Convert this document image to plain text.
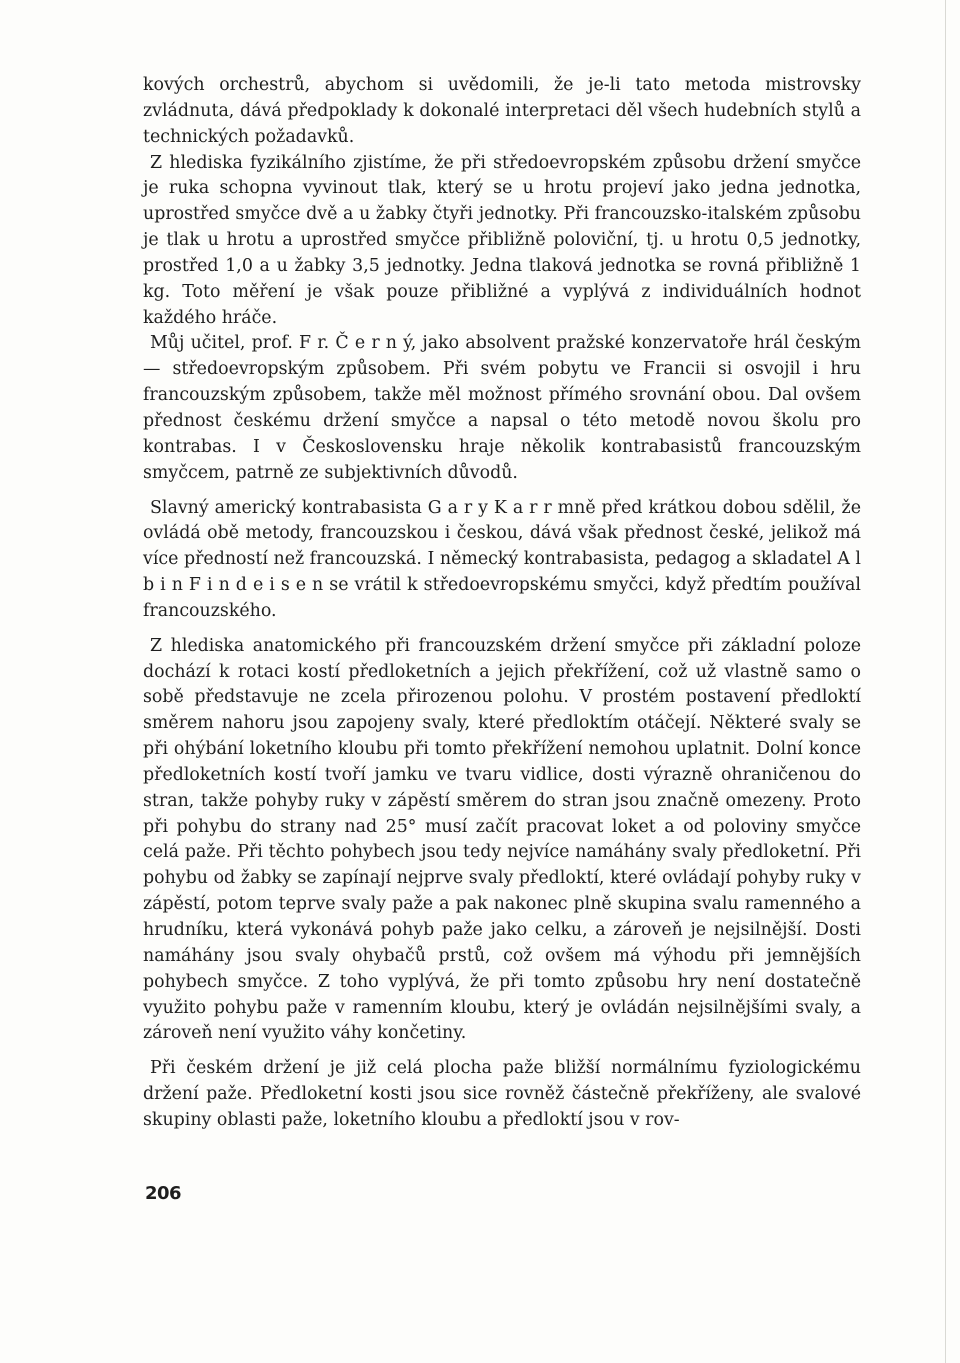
kových orchestrů, abychom si uvědomili, že je-li tato metoda mistrovsky zvládnuta, dává předpoklady k dokonalé interpretaci děl všech hudebních stylů a technických požadavků.

Z hlediska fyzikálního zjistíme, že při středoevropském způsobu držení smyčce je ruka schopna vyvinout tlak, který se u hrotu projeví jako jedna jednotka, uprostřed smyčce dvě a u žabky čtyři jednotky. Při francouzsko-italském způsobu je tlak u hrotu a uprostřed smyčce přibližně poloviční, tj. u hrotu 0,5 jednotky, prostřed 1,0 a u žabky 3,5 jednotky. Jedna tlaková jednotka se rovná přibližně 1 kg. Toto měření je však pouze přibližné a vyplývá z individuálních hodnot každého hráče.

Můj učitel, prof. F r. Č e r n ý, jako absolvent pražské konzervatoře hrál českým — středoevropským způsobem. Při svém pobytu ve Francii si osvojil i hru francouzským způsobem, takže měl možnost přímého srovnání obou. Dal ovšem přednost českému držení smyčce a napsal o této metodě novou školu pro kontrabas. I v Československu hraje několik kontrabasistů francouzským smyčcem, patrně ze subjektivních důvodů.

Slavný americký kontrabasista G a r y K a r r mně před krátkou dobou sdělil, že ovládá obě metody, francouzskou i českou, dává však přednost české, jelikož má více předností než francouzská. I německý kontrabasista, pedagog a skladatel A l b i n F i n d e i s e n se vrátil k středoevropskému smyčci, když předtím používal francouzského.

Z hlediska anatomického při francouzském držení smyčce při základní poloze dochází k rotaci kostí předloketních a jejich překřížení, což už vlastně samo o sobě představuje ne zcela přirozenou polohu. V prostém postavení předloktí směrem nahoru jsou zapojeny svaly, které předloktím otáčejí. Některé svaly se při ohýbání loketního kloubu při tomto překřížení nemohou uplatnit. Dolní konce předloketních kostí tvoří jamku ve tvaru vidlice, dosti výrazně ohraničenou do stran, takže pohyby ruky v zápěstí směrem do stran jsou značně omezeny. Proto při pohybu do strany nad 25° musí začít pracovat loket a od poloviny smyčce celá paže. Při těchto pohybech jsou tedy nejvíce namáhány svaly předloketní. Při pohybu od žabky se zapínají nejprve svaly předloktí, které ovládají pohyby ruky v zápěstí, potom teprve svaly paže a pak nakonec plně skupina svalu ramenného a hrudníku, která vykonává pohyb paže jako celku, a zároveň je nejsilnější. Dosti namáhány jsou svaly ohybačů prstů, což ovšem má výhodu při jemnějších pohybech smyčce. Z toho vyplývá, že při tomto způsobu hry není dostatečně využito pohybu paže v ramenním kloubu, který je ovládán nejsilnějšími svaly, a zároveň není využito váhy končetiny.

Při českém držení je již celá plocha paže bližší normálnímu fyziologickému držení paže. Předloketní kosti jsou sice rovněž částečně překříženy, ale svalové skupiny oblasti paže, loketního kloubu a předloktí jsou v rov-

206
